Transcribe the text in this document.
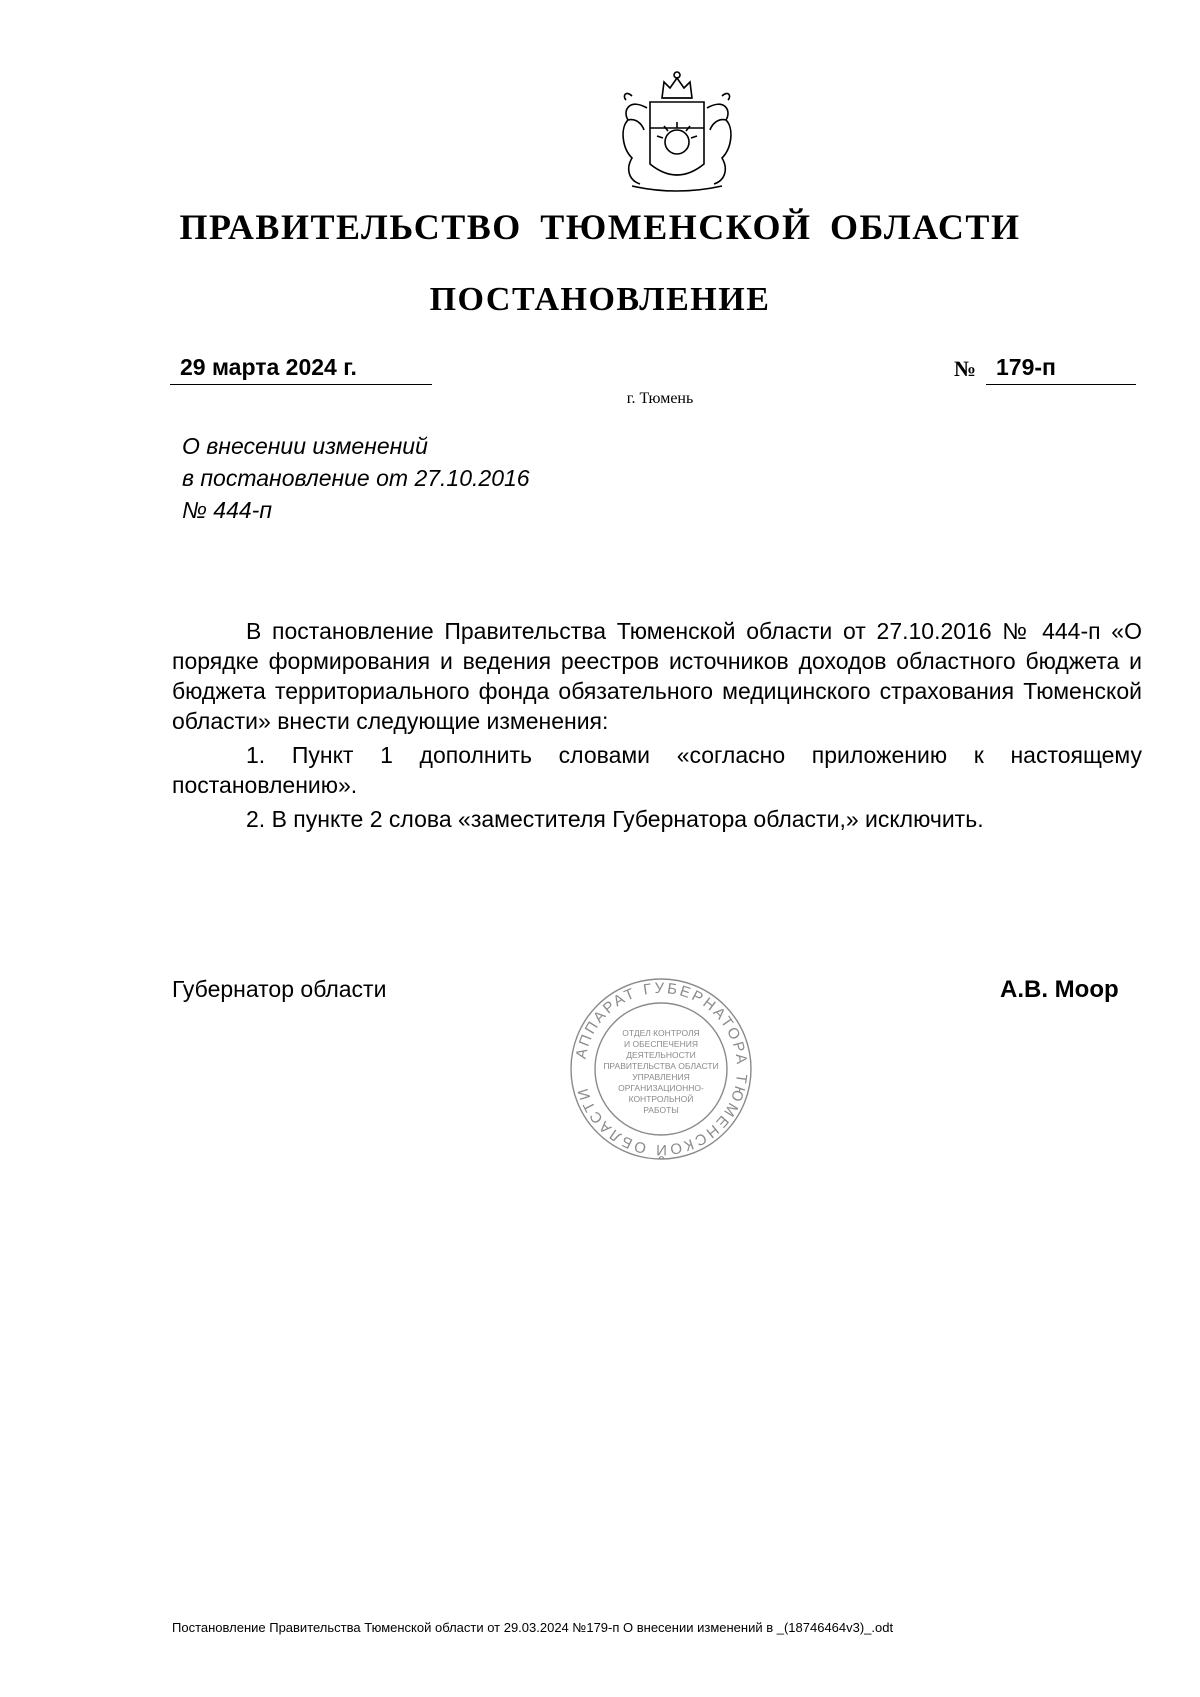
ПРАВИТЕЛЬСТВО ТЮМЕНСКОЙ ОБЛАСТИ
ПОСТАНОВЛЕНИЕ
29 марта 2024 г.	№ 179-п
г. Тюмень
О внесении изменений
в постановление от 27.10.2016
№ 444-п

В постановление Правительства Тюменской области от 27.10.2016 № 444-п «О порядке формирования и ведения реестров источников доходов областного бюджета и бюджета территориального фонда обязательного медицинского страхования Тюменской области» внести следующие изменения:

1. Пункт 1 дополнить словами «согласно приложению к настоящему постановлению».

2. В пункте 2 слова «заместителя Губернатора области,» исключить.

Губернатор области	А.В. Моор
АППАРАТ ГУБЕРНАТОРА ТЮМЕНСКОЙ ОБЛАСТИ
ОТДЕЛ КОНТРОЛЯ
И ОБЕСПЕЧЕНИЯ
ДЕЯТЕЛЬНОСТИ
ПРАВИТЕЛЬСТВА ОБЛАСТИ
УПРАВЛЕНИЯ
ОРГАНИЗАЦИОННО-
КОНТРОЛЬНОЙ
РАБОТЫ
Постановление Правительства Тюменской области от 29.03.2024 №179-п О внесении изменений в _(18746464v3)_.odt
